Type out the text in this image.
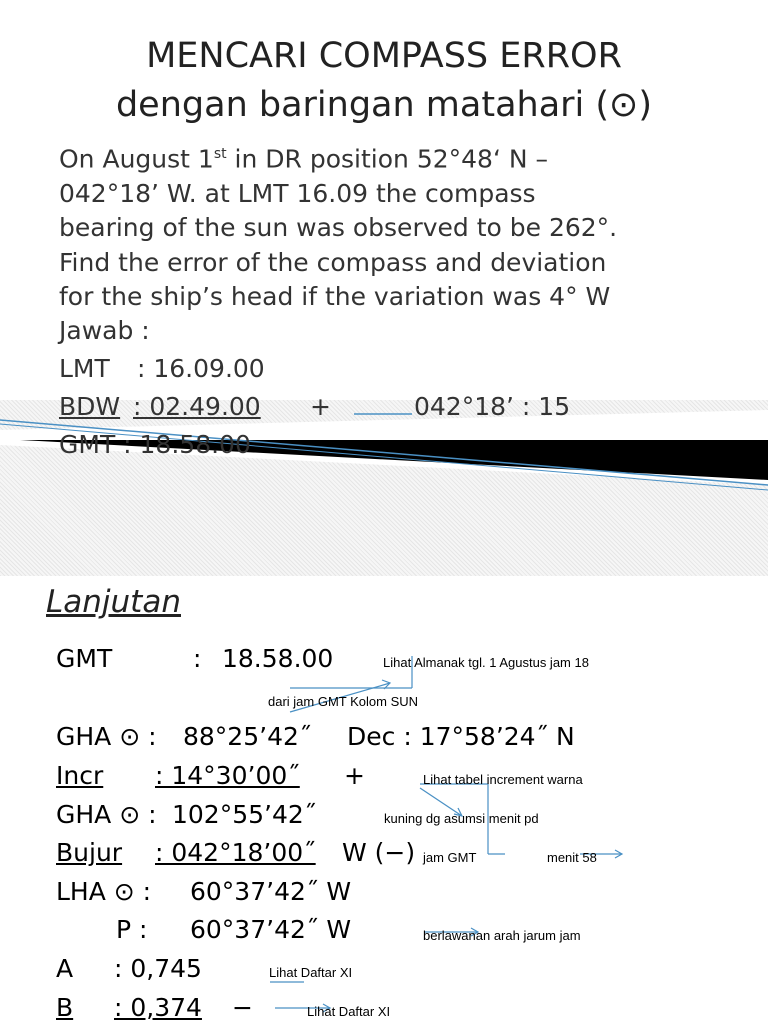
MENCARI COMPASS ERROR
dengan baringan matahari (⊙)
On August 1st in DR position 52°48‘ N –
042°18’ W. at LMT 16.09 the compass
bearing of the sun was observed to be 262°.
Find the error of the compass and deviation
for the ship’s head if the variation was 4° W
Jawab :
LMT : 16.09.00
BDW : 02.49.00 +	042°18’ : 15
GMT : 18.58.00
Lanjutan
GMT	: 18.58.00	Lihat Almanak tgl. 1 Agustus jam 18
dari jam GMT Kolom SUN
GHA ⊙ : 88°25’42˝ Dec : 17°58’24˝ N
Incr : 14°30’00˝ +	Lihat tabel increment warna
GHA ⊙ : 102°55’42˝	kuning dg asumsi menit pd
Bujur : 042°18’00˝ W (−) jam GMT	menit 58
LHA ⊙ : 60°37’42˝ W
P : 60°37’42˝ W	berlawanan arah jarum jam
A : 0,745	Lihat Daftar XI
B : 0,374 −	Lihat Daftar XI
